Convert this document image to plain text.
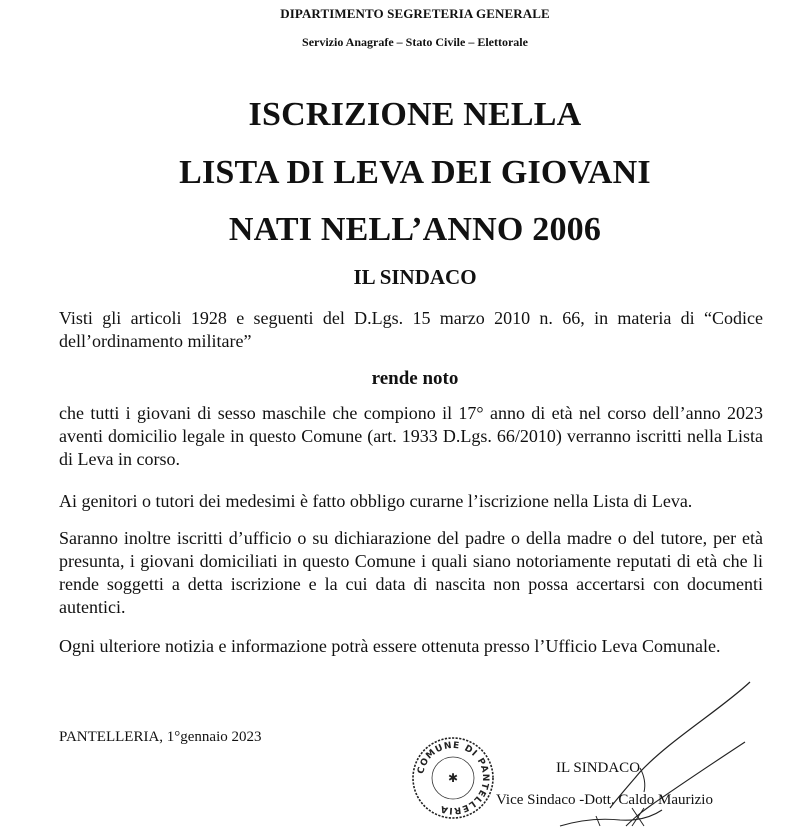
DIPARTIMENTO SEGRETERIA GENERALE
Servizio Anagrafe – Stato Civile – Elettorale
ISCRIZIONE NELLA
LISTA DI LEVA DEI GIOVANI
NATI NELL’ANNO 2006
IL SINDACO

Visti gli articoli 1928 e seguenti del D.Lgs. 15 marzo 2010 n. 66, in materia di “Codice dell’ordinamento militare”

rende noto

che tutti i giovani di sesso maschile che compiono il 17° anno di età nel corso dell’anno 2023 aventi domicilio legale in questo Comune (art. 1933 D.Lgs. 66/2010) verranno iscritti nella Lista di Leva in corso.

Ai genitori o tutori dei medesimi è fatto obbligo curarne l’iscrizione nella Lista di Leva.

Saranno inoltre iscritti d’ufficio o su dichiarazione del padre o della madre o del tutore, per età presunta, i giovani domiciliati in questo Comune i quali siano notoriamente reputati di età che li rende soggetti a detta iscrizione e la cui data di nascita non possa accertarsi con documenti autentici.

Ogni ulteriore notizia e informazione potrà essere ottenuta presso l’Ufficio Leva Comunale.

PANTELLERIA, 1°gennaio 2023
COMUNE DI PANTELLERIA
✱
IL SINDACO
Vice Sindaco -Dott. Caldo Maurizio
